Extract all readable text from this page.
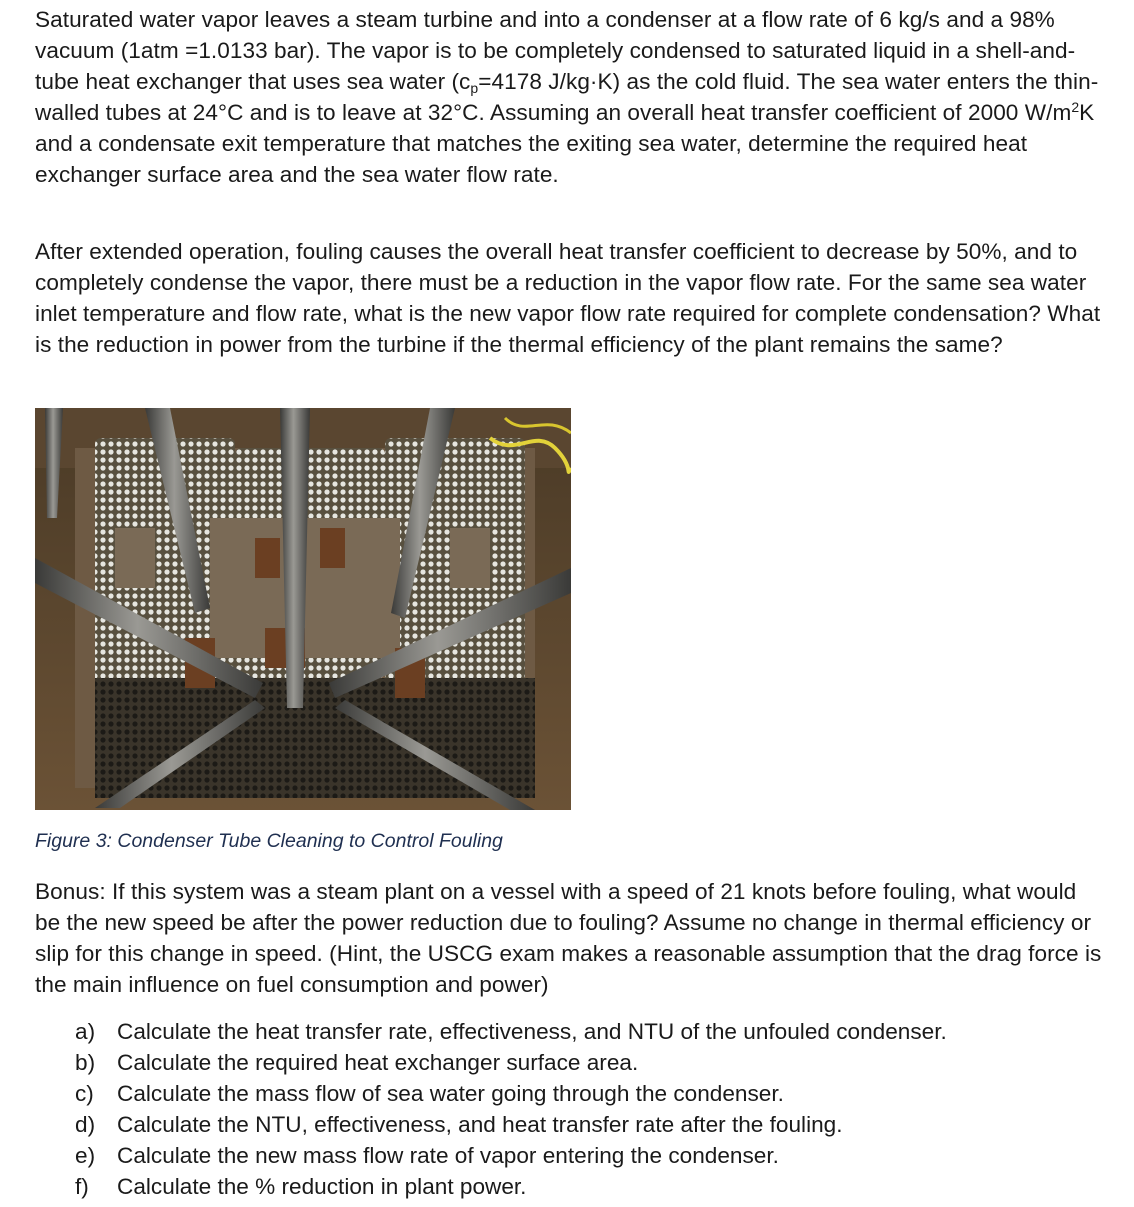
Saturated water vapor leaves a steam turbine and into a condenser at a flow rate of 6 kg/s and a 98% vacuum (1atm =1.0133 bar). The vapor is to be completely condensed to saturated liquid in a shell-and-tube heat exchanger that uses sea water ($c_p=4178$ J/kg·K) as the cold fluid. The sea water enters the thin-walled tubes at 24°C and is to leave at 32°C. Assuming an overall heat transfer coefficient of 2000 $W/m^2K$ and a condensate exit temperature that matches the exiting sea water, determine the required heat exchanger surface area and the sea water flow rate.

After extended operation, fouling causes the overall heat transfer coefficient to decrease by 50%, and to completely condense the vapor, there must be a reduction in the vapor flow rate. For the same sea water inlet temperature and flow rate, what is the new vapor flow rate required for complete condensation? What is the reduction in power from the turbine if the thermal efficiency of the plant remains the same?

Figure 3: Condenser Tube Cleaning to Control Fouling

Bonus: If this system was a steam plant on a vessel with a speed of 21 knots before fouling, what would be the new speed be after the power reduction due to fouling? Assume no change in thermal efficiency or slip for this change in speed. (Hint, the USCG exam makes a reasonable assumption that the drag force is the main influence on fuel consumption and power)

a) Calculate the heat transfer rate, effectiveness, and NTU of the unfouled condenser.
b) Calculate the required heat exchanger surface area.
c)	Calculate the mass flow of sea water going through the condenser.
d) Calculate the NTU, effectiveness, and heat transfer rate after the fouling.
e) Calculate the new mass flow rate of vapor entering the condenser.
f)	Calculate the % reduction in plant power.
